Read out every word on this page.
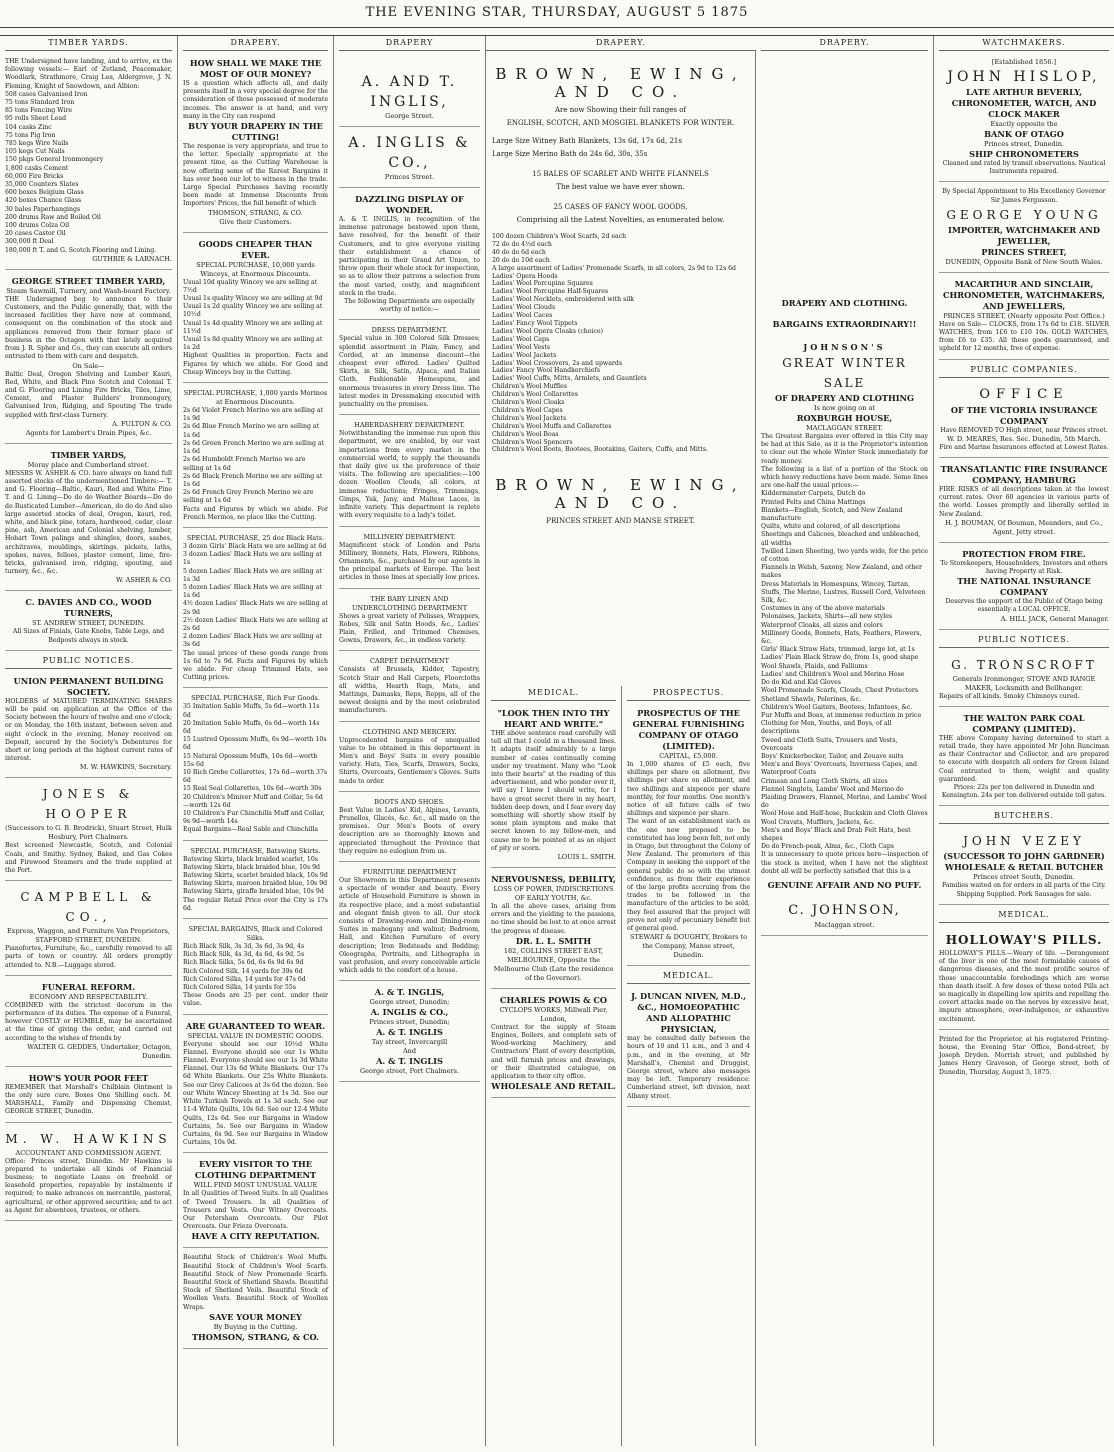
THE EVENING STAR, THURSDAY, AUGUST 5 1875
TIMBER YARDS.

THE Undersigned have landing, and to arrive, ex the following vessels:— Earl of Zetland, Peacemaker, Woodlark, Strathmore, Craig Lea, Aldergrove, J. N. Fleming, Knight of Snowdown, and Albion:

508 cases Galvanised Iron
75 tons Standard Iron
85 tons Fencing Wire
95 rolls Sheet Lead
104 casks Zinc
75 tons Pig Iron
785 kegs Wire Nails
105 kegs Cut Nails
150 pkgs General Ironmongery
1,800 casks Cement
60,000 Fire Bricks
35,000 Counters Slates
600 boxes Belgium Glass
420 boxes Chance Glass
30 bales Paperhangings
200 drums Raw and Boiled Oil
100 drums Colza Oil
20 cases Castor Oil
300,000 ft Deal
180,000 ft T. and G. Scotch Flooring and Lining.
GUTHRIE & LARNACH.
GEORGE STREET TIMBER YARD,
Steam Sawmill, Turnery, and Wash-board Factory.

THE Undersigned beg to announce to their Customers, and the Public generally, that, with the increased facilities they have now at command, consequent on the combination of the stock and appliances removed from their former place of business in the Octagon with that lately acquired from J. R. Spher and Co., they can execute all orders entrusted to them with care and despatch.

On Sale—

Baltic Deal, Oregon Shelving and Lumber Kauri, Red, White, and Black Pine Scotch and Colonial T. and G. Flooring and Lining Fire Bricks, Tiles, Lime, Cement, and Plaster Builders' Ironmongery, Galvanised Iron, Ridging, and Spouting The trade supplied with first-class Turnery.

A. FULTON & CO.
Agents for Lambert's Drain Pipes, &c.
TIMBER YARDS,
Moray place and Cumberland street.

MESSRS W. ASHER & CO. have always on hand full assorted stocks of the undermentioned Timbers:— T. and G. Flooring—Baltic, Kauri, Red and White Pine T. and G. Lining—Do do do Weather Boards—Do do do Rusticated Lumber—American, do do do And also large assorted stocks of deal, Oregon, kauri, red, white, and black pine, totara, hardwood, cedar, clear pine, ash, American and Colonial shelving, lumber, Hobart Town palings and shingles, doors, sashes, architraves, mouldings, skirtings, pickets, laths, spokes, naves, felloes, plaster cement, lime, fire-bricks, galvanised iron, ridging, spouting, and turnery, &c., &c.

W. ASHER & CO.
C. DAVIES AND CO., WOOD TURNERS,
ST. ANDREW STREET, DUNEDIN.

All Sizes of Finials, Gate Knobs, Table Legs, and Bedposts always in stock.

PUBLIC NOTICES.
UNION PERMANENT BUILDING SOCIETY.

HOLDERS of MATURED TERMINATING SHARES will be paid on application at the Office of the Society between the hours of twelve and one o'clock; or on Monday, the 16th instant, between seven and eight o'clock in the evening. Money received on Deposit, secured by the Society's Debentures for short or long periods at the highest current rates of interest.

M. W. HAWKINS, Secretary.
JONES & HOOPER
(Successors to G. B. Brodrick), Stuart Street, Hulk Hosbury, Port Chalmers.

Best screened Newcastle, Scotch, and Colonial Coals, and Smithy. Sydney, Baked, and Gas Cokes and Firewood Steamers and the trade supplied at the Port.

CAMPBELL & CO.,
Express, Waggon, and Furniture Van Proprietors, STAFFORD STREET, DUNEDIN.

Pianofortes, Furniture, &c., carefully removed to all parts of town or country. All orders promptly attended to. N.B.—Luggage stored.

FUNERAL REFORM.
ECONOMY AND RESPECTABILITY.

COMBINED with the strictest decorum in the performance of its duties. The expense of a Funeral, however COSTLY or HUMBLE, may be ascertained at the time of giving the order, and carried out according to the wishes of friends by

WALTER G. GEDDES, Undertaker, Octagon, Dunedin.
HOW'S YOUR POOR FEET

REMEMBER that Marshall's Chilblain Ointment is the only sure cure. Boxes One Shilling each. M. MARSHALL, Family and Dispensing Chemist, GEORGE STREET, Dunedin.

M. W. HAWKINS
ACCOUNTANT AND COMMISSION AGENT.

Office: Princes street, Dunedin. Mr Hawkins is prepared to undertake all kinds of Financial business; to negotiate Loans on freehold or leasehold properties, repayable by instalments if required; to make advances on mercantile, pastoral, agricultural, or other approved securities; and to act as Agent for absentees, trustees, or others.

DRAPERY.
HOW SHALL WE MAKE THE MOST OF OUR MONEY?

IS a question which affects all, and daily presents itself in a very special degree for the consideration of those possessed of moderate incomes. The answer is at hand, and very many in the City can respond

BUY YOUR DRAPERY IN THE CUTTING!

The response is very appropriate, and true to the letter. Specially appropriate at the present time, as the Cutting Warehouse is now offering some of the Rarest Bargains it has ever been our lot to witness in the trade. Large Special Purchases having recently been made at Immense Discounts from Importers' Prices, the full benefit of which

THOMSON, STRANG, & CO.
Give their Customers.
GOODS CHEAPER THAN EVER.
SPECIAL PURCHASE, 10,000 yards Winceys, at Enormous Discounts.
Usual 10d quality Wincey we are selling at 7½d
Usual 1s quality Wincey we are selling at 9d
Usual 1s 2d quality Wincey we are selling at 10½d
Usual 1s 4d quality Wincey we are selling at 11½d
Usual 1s 8d quality Wincey we are selling at 1s 2d

Highest Qualities in proportion. Facts and Figures by which we abide. For Good and Cheap Winceys buy in the Cutting.

SPECIAL PURCHASE, 1,000 yards Merinos at Enormous Discounts.
2s 6d Violet French Merino we are selling at 1s 9d
2s 6d Blue French Merino we are selling at 1s 6d
2s 6d Green French Merino we are selling at 1s 6d
2s 6d Humboldt French Merino we are selling at 1s 6d
2s 6d Black French Merino we are selling at 1s 6d
2s 6d French Grey French Merino we are selling at 1s 6d

Facts and Figures by which we abide. For French Merinos, no place like the Cutting.

SPECIAL PURCHASE, 25 doz Black Hats.
3 dozen Girls' Black Hats we are selling at 6d
3 dozen Ladies' Black Hats we are selling at 1s
5 dozen Ladies' Black Hats we are selling at 1s 3d
5 dozen Ladies' Black Hats we are selling at 1s 6d
4½ dozen Ladies' Black Hats we are selling at 2s 9d
2½ dozen Ladies' Black Hats we are selling at 2s 6d
2 dozen Ladies' Black Hats we are selling at 3s 6d

The usual prices of these goods range from 1s 6d to 7s 9d. Facts and Figures by which we abide. For cheap Trimmed Hats, see Cutting prices.

SPECIAL PURCHASE, Rich Fur Goods.
35 Imitation Sable Muffs, 5s 6d—worth 11s 6d
20 Imitation Sable Muffs, 6s 6d—worth 14s 6d
15 Lustred Opossum Muffs, 6s 9d—worth 10s 6d
15 Natural Opossum Muffs, 10s 6d—worth 15s 6d
10 Rich Grebe Collarettes, 17s 6d—worth 37s 6d
15 Real Seal Collarettes, 10s 6d—worth 30s
20 Children's Miniver Muff and Collar, 5s 6d—worth 12s 6d
10 Children's Fur Chinchilla Muff and Collar, 9s 9d—worth 14s

Equal Bargains—Real Sable and Chinchilla

SPECIAL PURCHASE, Batswing Skirts.
Batswing Skirts, black braided scarlet, 10s
Batswing Skirts, black braided blue, 10s 9d
Batswing Skirts, scarlet braided black, 10s 9d
Batswing Skirts, maroon braided blue, 10s 9d
Batswing Skirts, giraffe braided blue, 10s 9d

The regular Retail Price over the City is 17s 6d.

SPECIAL BARGAINS, Black and Colored Silks.
Rich Black Silk, 3s 3d, 3s 6d, 3s 9d, 4s
Rich Black Silk, 4s 3d, 4s 6d, 4s 9d, 5s
Rich Black Silks, 5s 6d, 6s 6s 9d 6s 9d
Rich Colored Silk, 14 yards for 39s 6d
Rich Colored Silks, 14 yards for 47s 6d
Rich Colored Silks, 14 yards for 55s

These Goods are 25 per cent. under their value.

ARE GUARANTEED TO WEAR.
SPECIAL VALUE IN DOMESTIC GOODS.

Everyone should see our 10½d White Flannel. Everyone should see our 1s White Flannel. Everyone should see our 1s 3d White Flannel. Our 13s 6d White Blankets. Our 17s 6d White Blankets. Our 25s White Blankets. See our Grey Calicoes at 3s 6d the dozen. See our White Wincey Sheeting at 1s 3d. See our White Turkish Towels at 1s 3d each. See our 11-4 White Quilts, 10s 6d. See our 12-4 White Quilts, 12s 6d. See our Bargains in Window Curtains, 5s. See our Bargains in Window Curtains, 6s 9d. See our Bargains in Window Curtains, 10s 9d.

EVERY VISITOR TO THE CLOTHING DEPARTMENT
WILL FIND MOST UNUSUAL VALUE

In all Qualities of Tweed Suits. In all Qualities of Tweed Trousers. In all Qualities of Trousers and Vests. Our Witney Overcoats. Our Petersham Overcoats. Our Pilot Overcoats. Our Frieze Overcoats.

HAVE A CITY REPUTATION.

Beautiful Stock of Children's Wool Muffs. Beautiful Stock of Children's Wool Scarfs. Beautiful Stock of New Promenade Scarfs. Beautiful Stock of Shetland Shawls. Beautiful Stock of Shetland Veils. Beautiful Stock of Woollen Vests. Beautiful Stock of Woollen Wraps.

SAVE YOUR MONEY
By Buying in the Cutting.
THOMSON, STRANG, & CO.
DRAPERY
A. AND T. INGLIS,
George Street.
A. INGLIS & CO.,
Princes Street.
DAZZLING DISPLAY OF WONDER.

A. & T. INGLIS, in recognition of the immense patronage bestowed upon them, have resolved, for the benefit of their Customers, and to give everyone visiting their establishment a chance of participating in their Grand Art Union, to throw open their whole stock for inspection, so as to allow their patrons a selection from the most varied, costly, and magnificent stock in the trade.

The following Departments are especially worthy of notice:—

DRESS DEPARTMENT.

Special value in 300 Colored Silk Dresses; splendid assortment in Plain, Fancy, and Corded, at an immense discount—the cheapest ever offered. Ladies' Quilted Skirts, in Silk, Satin, Alpaca, and Italian Cloth. Fashionable Homespuns, and enormous treasures in every Dress line. The latest modes in Dressmaking executed with punctuality on the premises.

HABERDASHERY DEPARTMENT.

Notwithstanding the immense run upon this department, we are enabled, by our vast importations from every market in the commercial world, to supply the thousands that daily give us the preference of their visits. The following are specialities:—100 dozen Woollen Clouds, all colors, at immense reductions; Fringes, Trimmings, Gimps, Yak, Jany, and Maltese Laces, in infinite variety. This department is replete with every requisite to a lady's toilet.

MILLINERY DEPARTMENT.

Magnificent stock of London and Paris Millinery, Bonnets, Hats, Flowers, Ribbons, Ornaments, &c., purchased by our agents in the principal markets of Europe. The best articles in these lines at specially low prices.

THE BABY LINEN AND UNDERCLOTHING DEPARTMENT

Shows a great variety of Pelisses, Wrappers, Robes, Silk and Satin Hoods, &c., Ladies' Plain, Frilled, and Trimmed Chemises, Gowns, Drawers, &c., in endless variety.

CARPET DEPARTMENT

Consists of Brussels, Kidder, Tapestry, Scotch Stair and Hall Carpets, Floorcloths all widths, Hearth Rugs, Mats, and Mattings, Damasks, Reps, Repps, all of the newest designs and by the most celebrated manufacturers.

CLOTHING AND MERCERY.

Unprecedented bargains of unequalled value to be obtained in this department in Men's and Boys' Suits in every possible variety. Hats, Ties, Scarfs, Drawers, Socks, Shirts, Overcoats, Gentlemen's Gloves. Suits made to order.

BOOTS AND SHOES.

Best Value in Ladies' Kid, Alpines, Levants, Prunellos, Glacés, &c. &c., all made on the premises. Our Men's Boots of every description are so thoroughly known and appreciated throughout the Province that they require no eulogium from us.

FURNITURE DEPARTMENT

Our Showroom in this Department presents a spectacle of wonder and beauty. Every article of Household Furniture is shown in its respective place, and a most substantial and elegant finish given to all. Our stock consists of Drawing-room and Dining-room Suites in mahogany and walnut; Bedroom, Hall, and Kitchen Furniture of every description; Iron Bedsteads and Bedding; Oleographs, Portraits, and Lithographs in vast profusion, and every conceivable article which adds to the comfort of a house.

A. & T. INGLIS,
George street, Dunedin;
A. INGLIS & CO.,
Princes street, Dunedin;
A. & T. INGLIS
Tay street, Invercargill
And
A. & T. INGLIS
George street, Port Chalmers.
DRAPERY.
BROWN, EWING, AND CO.
Are now Showing their full ranges of
ENGLISH, SCOTCH, AND MOSGIEL BLANKETS FOR WINTER.
Large Size Witney Bath Blankets, 13s 6d, 17s 6d, 21s
Large Size Merino Bath do 24s 6d, 30s, 35s
15 BALES OF SCARLET AND WHITE FLANNELS
The best value we have ever shown.
25 CASES OF FANCY WOOL GOODS,
Comprising all the Latest Novelties, as enumerated below.
100 dozen Children's Wool Scarfs, 2d each
72 do do 4½d each
40 do do 6d each
20 do do 10d each
A large assortment of Ladies' Promenade Scarfs, in all colors, 2s 9d to 12s 6d
Ladies' Opera Hoods
Ladies' Wool Porcupine Squares
Ladies' Wool Porcupine Half-Squares
Ladies' Wool Necklets, embroidered with silk
Ladies' Wool Clouds
Ladies' Wool Caces
Ladies' Fancy Wool Tippets
Ladies' Wool Opera Cloaks (choice)
Ladies' Wool Caps
Ladies' Wool Vests
Ladies' Wool Jackets
Ladies' Wool Crossovers, 2s and upwards
Ladies' Fancy Wool Handkerchiefs
Ladies' Wool Cuffs, Mitts, Armlets, and Gauntlets
Children's Wool Muffles
Children's Wool Collarettes
Children's Wool Cloaks
Children's Wool Capes
Children's Wool Jackets
Children's Wool Muffs and Collarettes
Children's Wool Boas
Children's Wool Spencers
Children's Wool Boots, Bootees, Bootakins, Gaiters, Cuffs, and Mitts.
BROWN, EWING, AND CO.
PRINCES STREET AND MANSE STREET.
MEDICAL.
"LOOK THEN INTO THY HEART AND WRITE."

THE above sentence read carefully will tell all that I could in a thousand lines. It adapts itself admirably to a large number of cases continually coming under my treatment. Many who "Look into their hearts" at the reading of this advertisement, and who ponder over it, will say I know I should write, for I have a great secret there in my heart, hidden deep down, and I fear every day something will shortly show itself by some plain symptom and make that secret known to my fellow-men, and cause me to be pointed at as an object of pity or scorn.

LOUIS L. SMITH.
NERVOUSNESS, DEBILITY,
LOSS OF POWER, INDISCRETIONS OF EARLY YOUTH, &c.

In all the above cases, arising from errors and the yielding to the passions, no time should be lost to at once arrest the progress of disease.

DR. L. L. SMITH
182, COLLINS STREET EAST, MELBOURNE, Opposite the Melbourne Club (Late the residence of the Governor).
CHARLES POWIS & CO
CYCLOPS WORKS, Millwall Pier, London,

Contract for the supply of Steam Engines, Boilers, and complete sets of Wood-working Machinery, and Contractors' Plant of every description, and will furnish prices and drawings, or their illustrated catalogue, on application to their city office.

WHOLESALE AND RETAIL.
PROSPECTUS.
PROSPECTUS OF THE GENERAL FURNISHING COMPANY OF OTAGO (LIMITED).
CAPITAL, £5,000.

In 1,000 shares of £5 each, five shillings per share on allotment, five shillings per share on allotment, and two shillings and sixpence per share monthly, for four months. One month's notice of all future calls of two shillings and sixpence per share.

The want of an establishment such as the one now proposed to be constituted has long been felt, not only in Otago, but throughout the Colony of New Zealand. The promoters of this Company in seeking the support of the general public do so with the utmost confidence, as from their experience of the large profits accruing from the trades to be followed in the manufacture of the articles to be sold, they feel assured that the project will prove not only of pecuniary benefit but of general good.

STEWART & DOUGHTY, Brokers to the Company, Manse street, Dunedin.
MEDICAL.
J. DUNCAN NIVEN, M.D., &C., HOMOEOPATHIC AND ALLOPATHIC PHYSICIAN,

may be consulted daily between the hours of 10 and 11 a.m., and 3 and 4 p.m., and in the evening, at Mr Marshall's, Chemist and Druggist, George street, where also messages may be left. Temporary residence: Cumberland street, left division, next Albany street.

DRAPERY.
DRAPERY AND CLOTHING.
BARGAINS EXTRAORDINARY!!
JOHNSON'S
GREAT WINTER SALE
OF DRAPERY AND CLOTHING
Is now going on at
ROXBURGH HOUSE,
MACLAGGAN STREET.

The Greatest Bargains ever offered in this City may be had at this Sale, as it is the Proprietor's intention to clear out the whole Winter Stock immediately for ready money.

The following is a list of a portion of the Stock on which heavy reductions have been made. Some lines are one-half the usual prices:—

Kidderminster Carpets, Dutch do
Printed Felts and China Mattings
Blankets—English, Scotch, and New Zealand manufacture
Quilts, white and colored, of all descriptions
Sheetings and Calicoes, bleached and unbleached, all widths
Twilled Linen Sheeting, two yards wide, for the price of cotton
Flannels in Welsh, Saxony, New Zealand, and other makes
Dress Materials in Homespuns, Wincey, Tartan, Stuffs, The Merino, Lustres, Russell Cord, Velveteen Silk, &c.
Costumes in any of the above materials
Polonaises, Jackets, Shirts—all new styles
Waterproof Cloaks, all sizes and colors
Millinery Goods, Bonnets, Hats, Feathers, Flowers, &c.
Girls' Black Straw Hats, trimmed, large lot, at 1s
Ladies' Plain Black Straw do, from 1s, good shape
Wool Shawls, Plaids, and Falliums
Ladies' and Children's Wool and Merino Hose
Do do Kid and Kid Gloves
Wool Promenade Scarfs, Clouds, Chest Protectors
Shetland Shawls, Pelerines, &c.
Children's Wool Gaiters, Bootees, Infantees, &c.
Fur Muffs and Boas, at immense reduction in price
Clothing for Men, Youths, and Boys, of all descriptions
Tweed and Cloth Suits, Trousers and Vests, Overcoats
Boys' Knickerbocker, Tailor, and Zouave suits
Men's and Boys' Overcoats, Inverness Capes, and Waterproof Coats
Crimean and Long Cloth Shirts, all sizes
Flannel Singlets, Lambs' Wool and Merino do
Plaiding Drawers, Flannel, Merino, and Lambs' Wool do
Wool Hose and Half-hose, Buckskin and Cloth Gloves
Wool Cravats, Mufflers, Jackets, &c.
Men's and Boys' Black and Drab Felt Hats, best shapes
Do do French-peak, Alma, &c., Cloth Caps

It is unnecessary to quote prices here—inspection of the stock is invited, when I have not the slightest doubt all will be perfectly satisfied that this is a

GENUINE AFFAIR AND NO PUFF.
C. JOHNSON,
Maclaggan street.
WATCHMAKERS.
[Established 1856.]
JOHN HISLOP,
LATE ARTHUR BEVERLY,
CHRONOMETER, WATCH, AND CLOCK MAKER
Exactly opposite the
BANK OF OTAGO
Princes street, Dunedin.
SHIP CHRONOMETERS

Cleaned and rated by transit observations. Nautical Instruments repaired.

By Special Appointment to His Excellency Governor Sir James Fergusson.

GEORGE YOUNG
IMPORTER, WATCHMAKER AND JEWELLER,
PRINCES STREET,
DUNEDIN, Opposite Bank of New South Wales.
MACARTHUR AND SINCLAIR,
CHRONOMETER, WATCHMAKERS, AND JEWELLERS,
PRINCES STREET, (Nearly opposite Post Office.)

Have on Sale— CLOCKS, from 17s 6d to £18. SILVER WATCHES, from 1£6 to £10 10s. GOLD WATCHES, from £6 to £35. All these goods guaranteed, and upheld for 12 months, free of expense.

PUBLIC COMPANIES.
OFFICE
OF THE VICTORIA INSURANCE COMPANY

Have REMOVED TO High street, near Princes street.

W. D. MEARES, Res. Sec. Dunedin, 5th March.

Fire and Marine Insurances effected at Lowest Rates.

TRANSATLANTIC FIRE INSURANCE COMPANY, HAMBURG

FIRE RISKS of all descriptions taken at the lowest current rates. Over 60 agencies in various parts of the world. Losses promptly and liberally settled in New Zealand.

H. J. BOUMAN, Of Bouman, Meanders, and Co., Agent, Jetty street.
PROTECTION FROM FIRE.

To Storekeepers, Householders, Investors and others having Property at Risk.

THE NATIONAL INSURANCE COMPANY

Deserves the support of the Public of Otago being essentially a LOCAL OFFICE.

A. HILL JACK, General Manager.
PUBLIC NOTICES.
G. TRONSCROFT
Generals Ironmonger, STOVE AND RANGE MAKER, Locksmith and Bellhanger.

Repairs of all kinds. Smoky Chimneys cured.

THE WALTON PARK COAL COMPANY (LIMITED).

THE above Company having determined to start a retail trade, they have appointed Mr John Runciman as their Contractor and Collector, and are prepared to execute with despatch all orders for Green Island Coal entrusted to them, weight and quality guaranteed.

Prices: 22s per ton delivered in Dunedin and Kensington. 24s per ton delivered outside toll gates.

BUTCHERS.
JOHN VEZEY
(SUCCESSOR TO JOHN GARDNER) WHOLESALE & RETAIL BUTCHER
Princes street South, Dunedin.

Families waited on for orders in all parts of the City. Shipping Supplied. Pork Sausages for sale.

MEDICAL.
HOLLOWAY'S PILLS.

HOLLOWAY'S PILLS.—Weary of life. —Derangement of the liver is one of the most formidable causes of dangerous diseases, and the most prolific source of those unaccountable forebodings which are worse than death itself. A few doses of these noted Pills act so magically in dispelling low spirits and repelling the covert attacks made on the nerves by excessive heat, impure atmosphere, over-indulgence, or exhaustive excitement.

Printed for the Proprietor, at his registered Printing-house, the Evening Star Office, Bond-street, by Joseph Dryden. Morrish street, and published by James Henry Graveson, of George street, both of Dunedin, Thursday, August 5, 1875.
